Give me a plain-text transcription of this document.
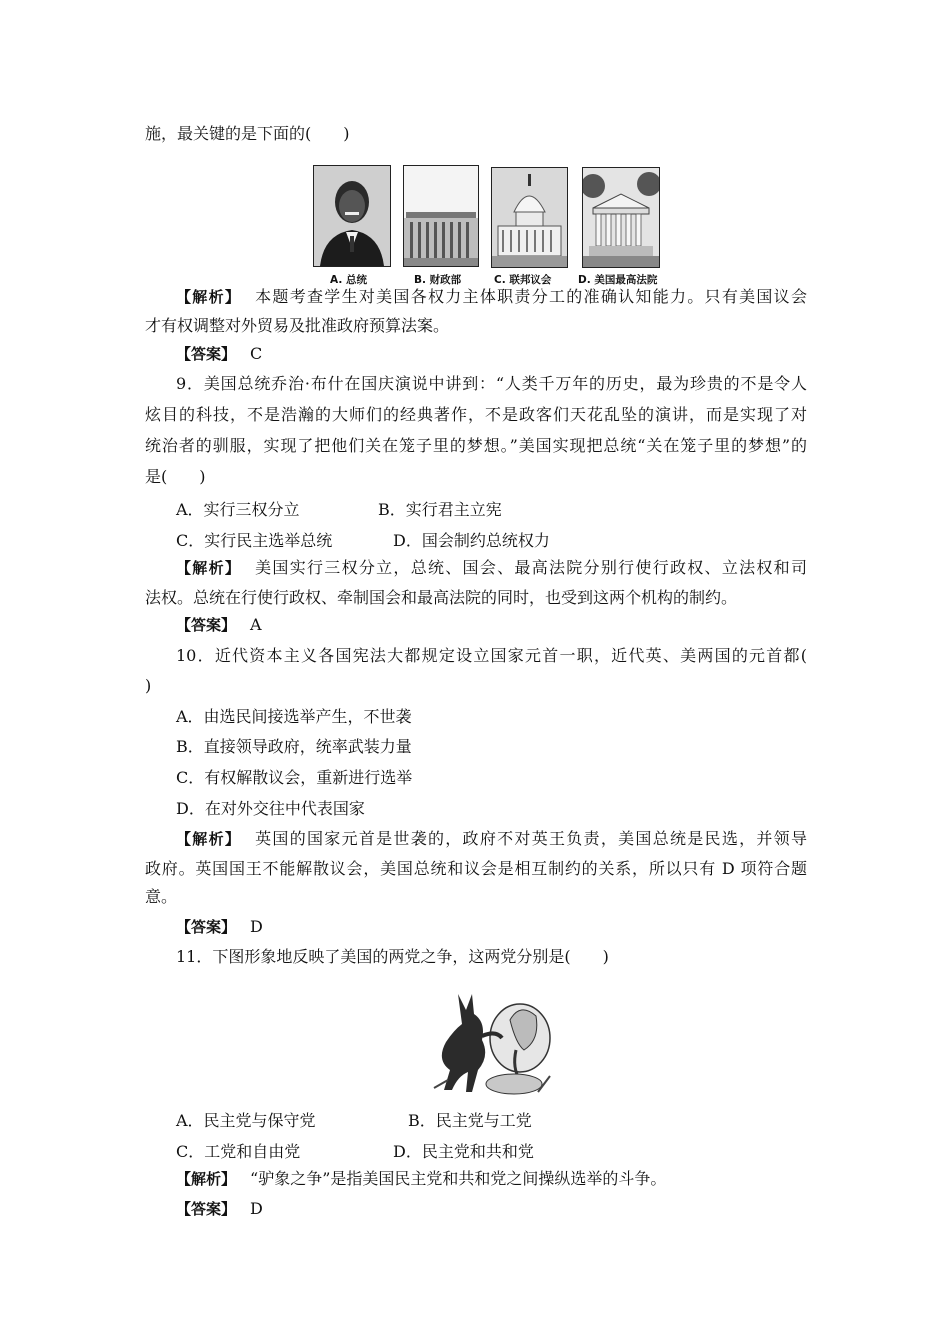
施，最关键的是下面的(　　)
A. 总统	B. 财政部	C. 联邦议会	D. 美国最高法院
【解析】 本题考查学生对美国各权力主体职责分工的准确认知能力。只有美国议会
才有权调整对外贸易及批准政府预算法案。
【答案】 C
9．美国总统乔治·布什在国庆演说中讲到：“人类千万年的历史，最为珍贵的不是令人
炫目的科技，不是浩瀚的大师们的经典著作，不是政客们天花乱坠的演讲，而是实现了对
统治者的驯服，实现了把他们关在笼子里的梦想。”美国实现把总统“关在笼子里的梦想”的
是(　　)
A．实行三权分立	B．实行君主立宪
C．实行民主选举总统	D．国会制约总统权力
【解析】 美国实行三权分立，总统、国会、最高法院分别行使行政权、立法权和司
法权。总统在行使行政权、牵制国会和最高法院的同时，也受到这两个机构的制约。
【答案】 A
10．近代资本主义各国宪法大都规定设立国家元首一职，近代英、美两国的元首都(
)
A．由选民间接选举产生，不世袭
B．直接领导政府，统率武装力量
C．有权解散议会，重新进行选举
D．在对外交往中代表国家
【解析】 英国的国家元首是世袭的，政府不对英王负责，美国总统是民选，并领导
政府。英国国王不能解散议会，美国总统和议会是相互制约的关系，所以只有 D 项符合题
意。
【答案】 D
11．下图形象地反映了美国的两党之争，这两党分别是(　　)
A．民主党与保守党	B．民主党与工党
C．工党和自由党	D．民主党和共和党
【解析】 “驴象之争”是指美国民主党和共和党之间操纵选举的斗争。
【答案】 D
